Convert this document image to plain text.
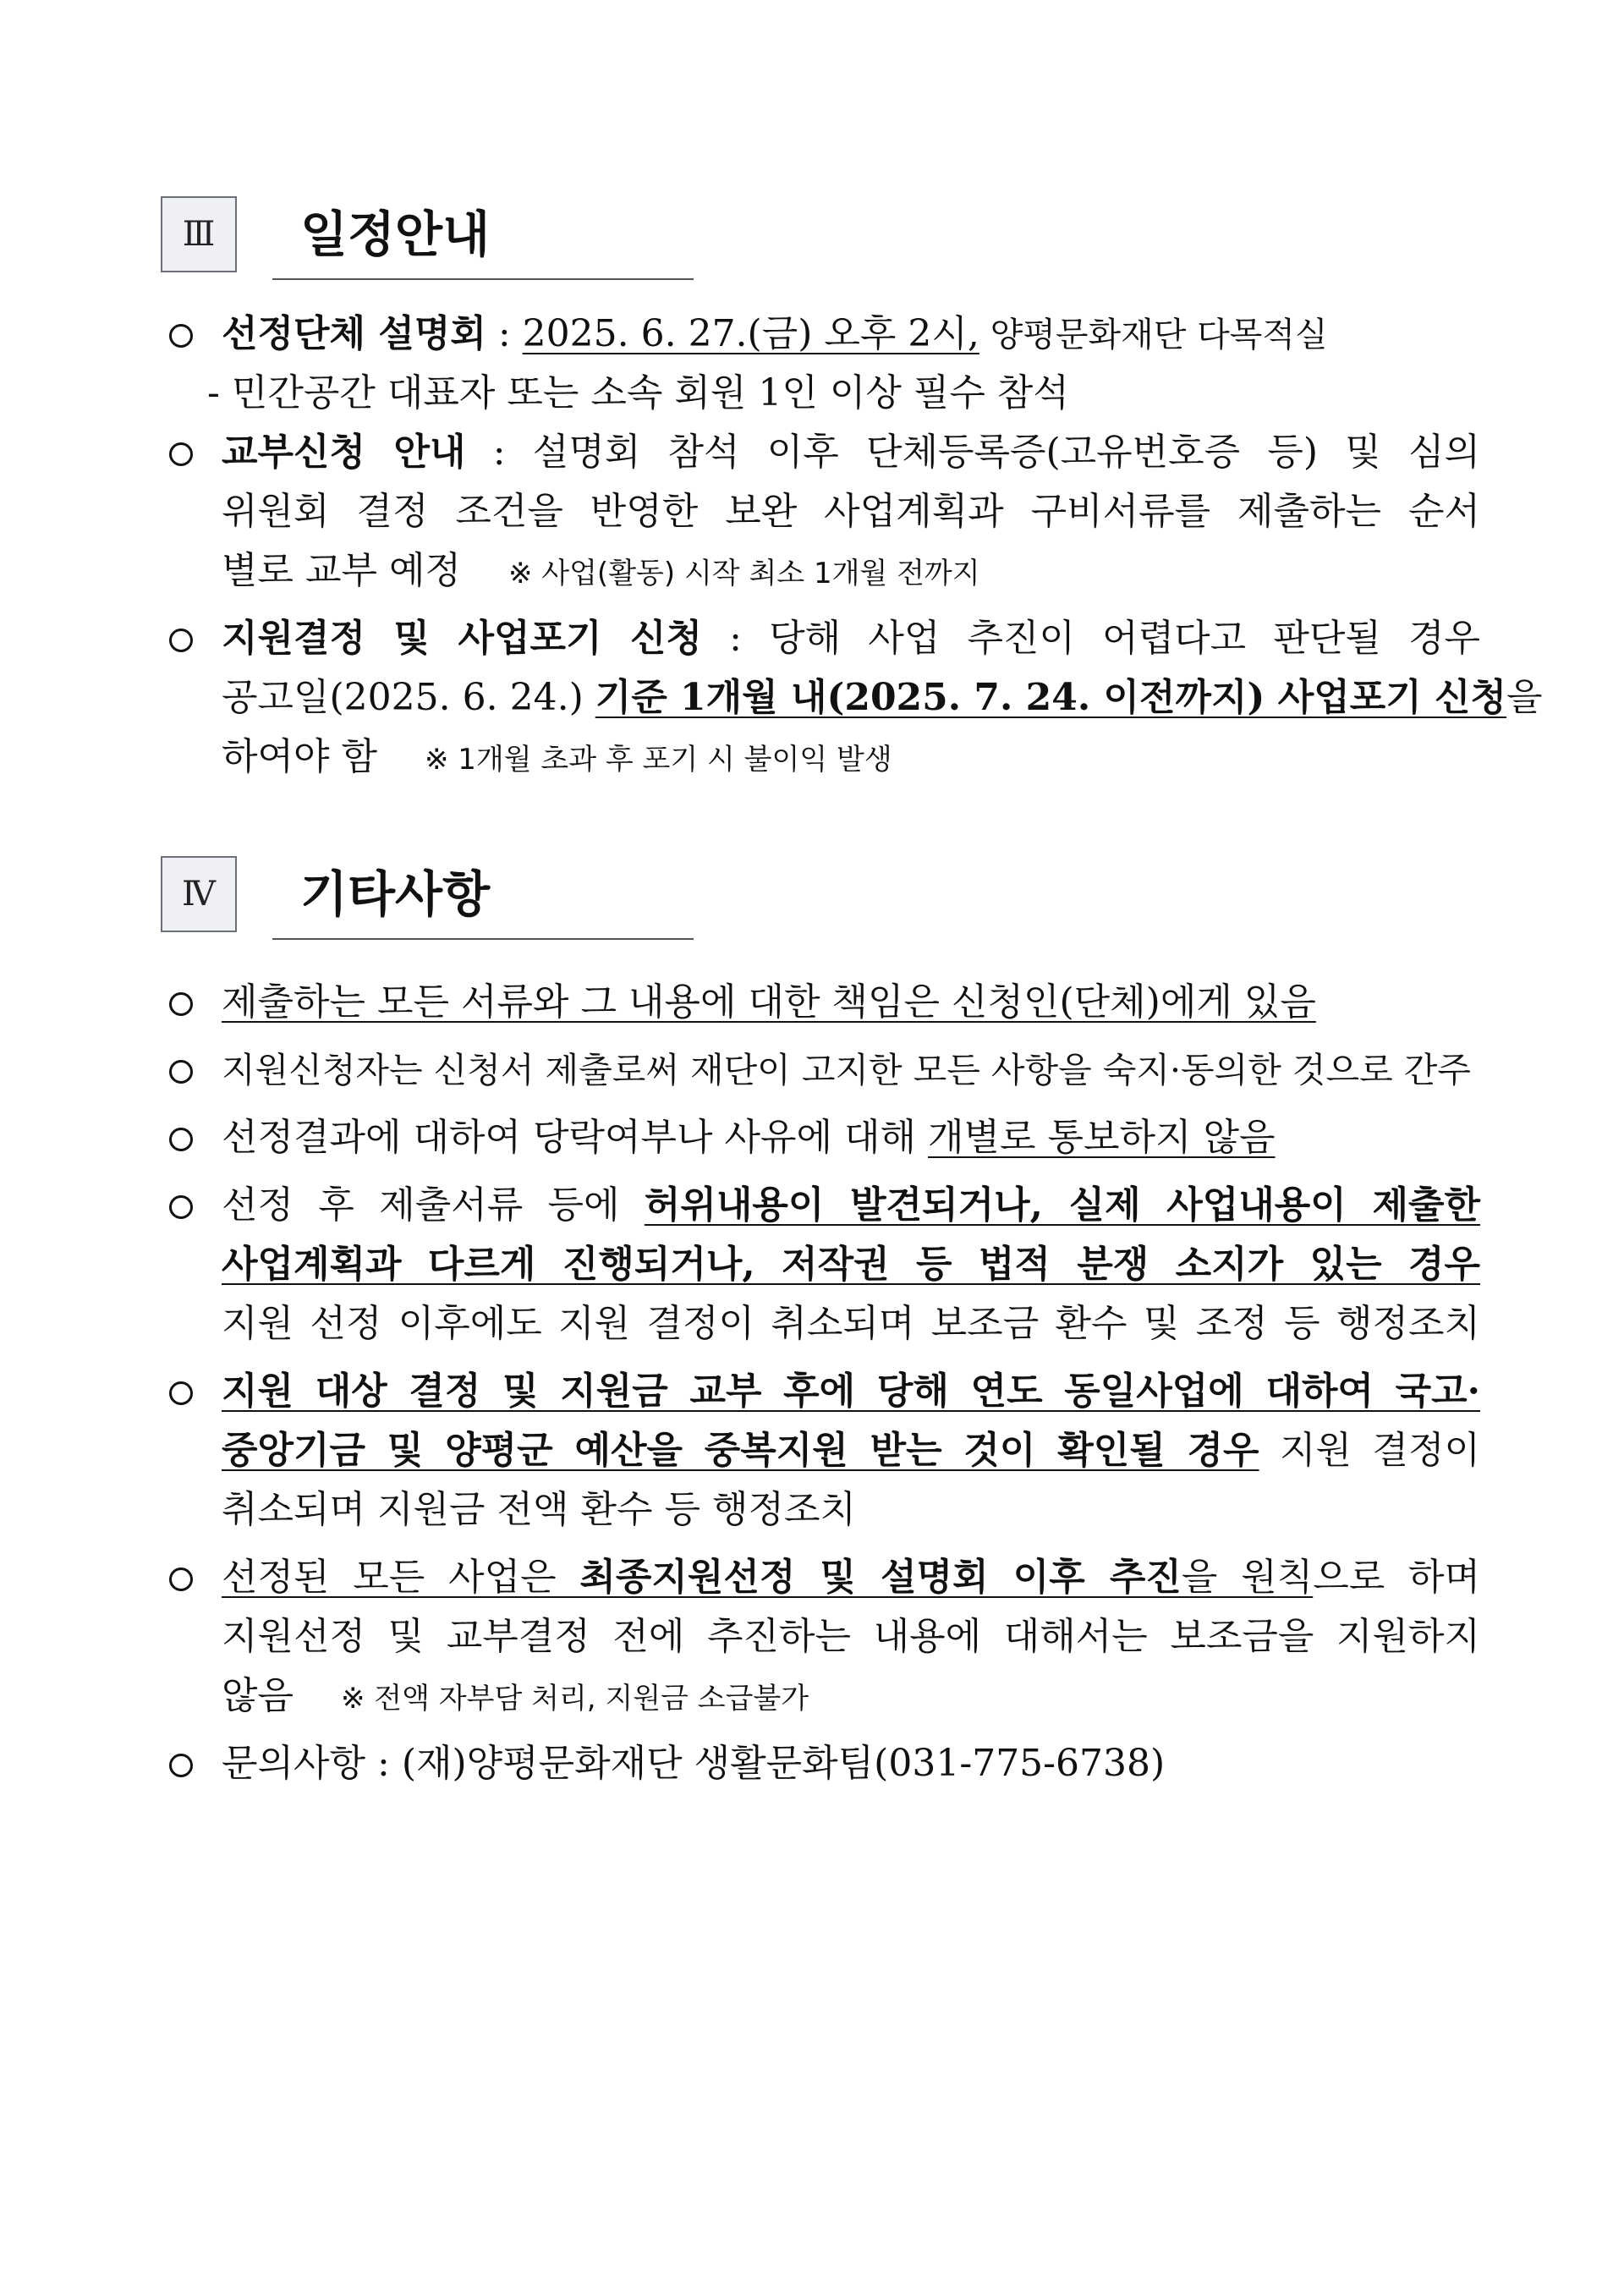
Ⅲ	일정안내
선정단체 설명회 : 2025. 6. 27.(금) 오후 2시, 양평문화재단 다목적실
- 민간공간 대표자 또는 소속 회원 1인 이상 필수 참석
교부신청 안내 : 설명회 참석 이후 단체등록증(고유번호증 등) 및 심의
위원회 결정 조건을 반영한 보완 사업계획과 구비서류를 제출하는 순서
별로 교부 예정 ※ 사업(활동) 시작 최소 1개월 전까지
지원결정 및 사업포기 신청 : 당해 사업 추진이 어렵다고 판단될 경우
공고일(2025. 6. 24.) 기준 1개월 내(2025. 7. 24. 이전까지) 사업포기 신청을
하여야 함 ※ 1개월 초과 후 포기 시 불이익 발생
Ⅳ	기타사항
제출하는 모든 서류와 그 내용에 대한 책임은 신청인(단체)에게 있음
지원신청자는 신청서 제출로써 재단이 고지한 모든 사항을 숙지·동의한 것으로 간주
선정결과에 대하여 당락여부나 사유에 대해 개별로 통보하지 않음
선정 후 제출서류 등에 허위내용이 발견되거나, 실제 사업내용이 제출한
사업계획과 다르게 진행되거나, 저작권 등 법적 분쟁 소지가 있는 경우
지원 선정 이후에도 지원 결정이 취소되며 보조금 환수 및 조정 등 행정조치
지원 대상 결정 및 지원금 교부 후에 당해 연도 동일사업에 대하여 국고·
중앙기금 및 양평군 예산을 중복지원 받는 것이 확인될 경우 지원 결정이
취소되며 지원금 전액 환수 등 행정조치
선정된 모든 사업은 최종지원선정 및 설명회 이후 추진을 원칙으로 하며
지원선정 및 교부결정 전에 추진하는 내용에 대해서는 보조금을 지원하지
않음 ※ 전액 자부담 처리, 지원금 소급불가
문의사항 : (재)양평문화재단 생활문화팀(031-775-6738)
